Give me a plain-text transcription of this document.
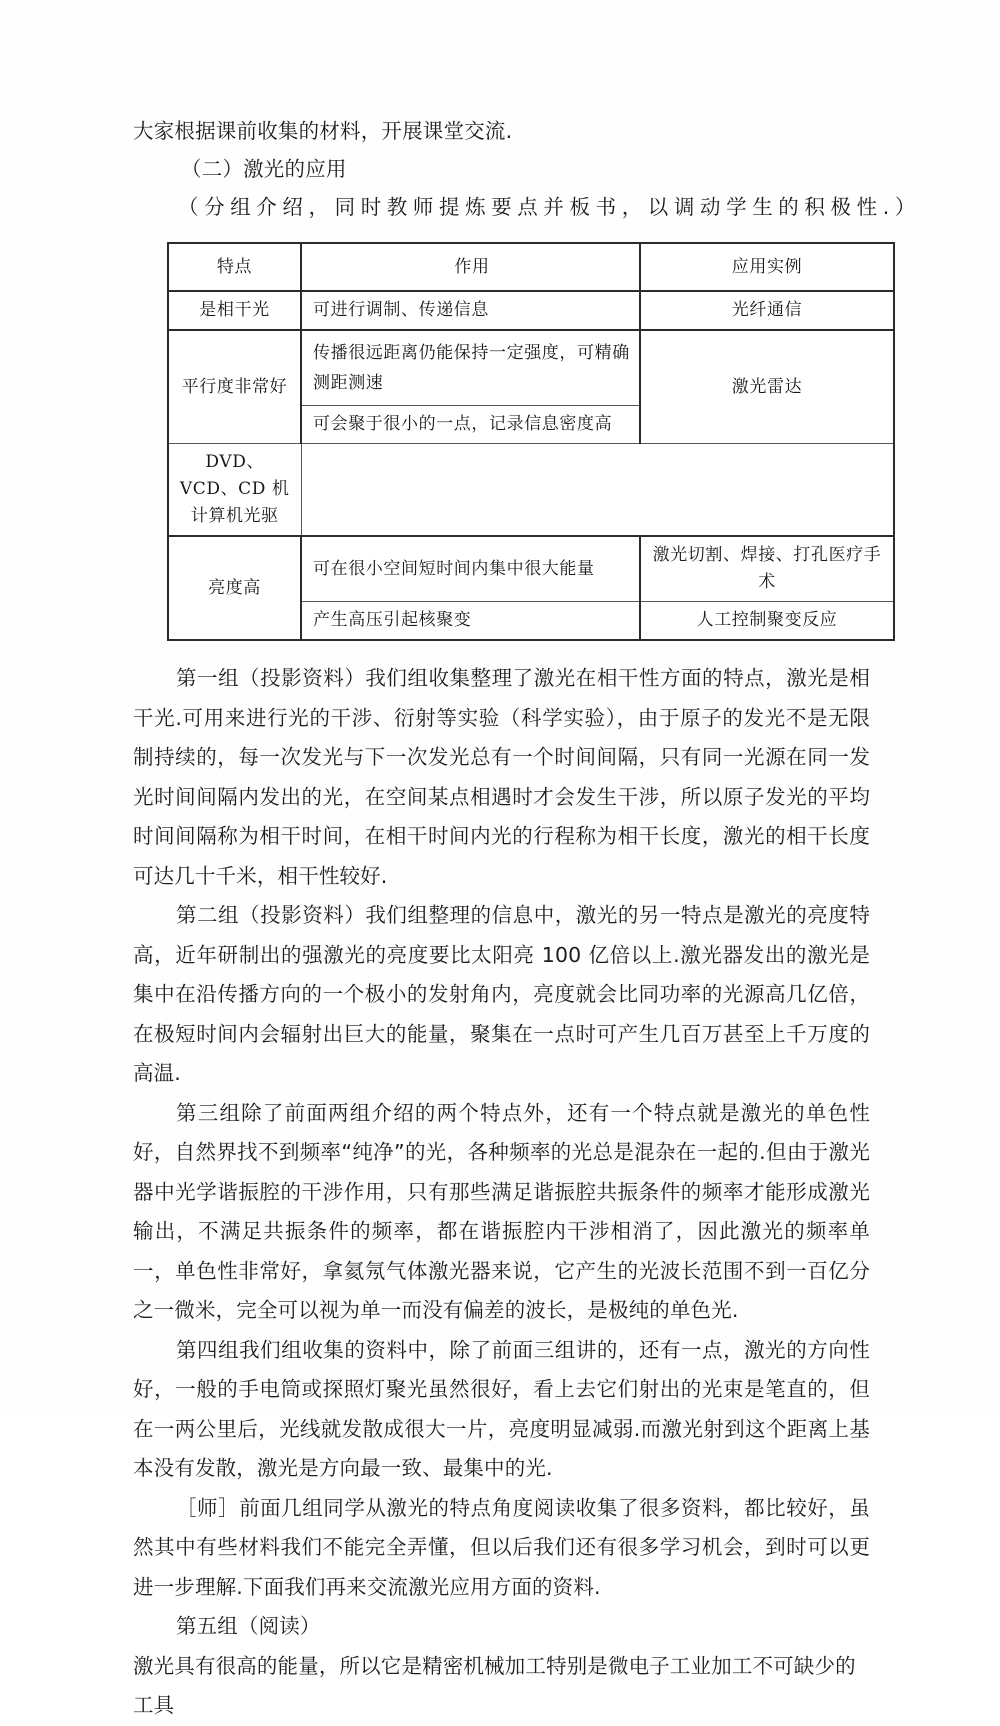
大家根据课前收集的材料，开展课堂交流.
（二）激光的应用
（分组介绍，同时教师提炼要点并板书，以调动学生的积极性.）
特点	作用	应用实例
是相干光	可进行调制、传递信息	光纤通信
平行度非常好	传播很远距离仍能保持一定强度，可精确测距测速	激光雷达
	可会聚于很小的一点，记录信息密度高	
DVD、VCD、CD 机计算机光驱		
亮度高	可在很小空间短时间内集中很大能量	激光切割、焊接、打孔医疗手术
	产生高压引起核聚变	人工控制聚变反应

第一组（投影资料）我们组收集整理了激光在相干性方面的特点，激光是相干光.可用来进行光的干涉、衍射等实验（科学实验），由于原子的发光不是无限制持续的，每一次发光与下一次发光总有一个时间间隔，只有同一光源在同一发光时间间隔内发出的光，在空间某点相遇时才会发生干涉，所以原子发光的平均时间间隔称为相干时间，在相干时间内光的行程称为相干长度，激光的相干长度可达几十千米，相干性较好.

第二组（投影资料）我们组整理的信息中，激光的另一特点是激光的亮度特高，近年研制出的强激光的亮度要比太阳亮 100 亿倍以上.激光器发出的激光是集中在沿传播方向的一个极小的发射角内，亮度就会比同功率的光源高几亿倍，在极短时间内会辐射出巨大的能量，聚集在一点时可产生几百万甚至上千万度的高温.

第三组除了前面两组介绍的两个特点外，还有一个特点就是激光的单色性好，自然界找不到频率“纯净”的光，各种频率的光总是混杂在一起的.但由于激光器中光学谐振腔的干涉作用，只有那些满足谐振腔共振条件的频率才能形成激光输出，不满足共振条件的频率，都在谐振腔内干涉相消了，因此激光的频率单一，单色性非常好，拿氦氖气体激光器来说，它产生的光波长范围不到一百亿分之一微米，完全可以视为单一而没有偏差的波长，是极纯的单色光.

第四组我们组收集的资料中，除了前面三组讲的，还有一点，激光的方向性好，一般的手电筒或探照灯聚光虽然很好，看上去它们射出的光束是笔直的，但在一两公里后，光线就发散成很大一片，亮度明显减弱.而激光射到这个距离上基本没有发散，激光是方向最一致、最集中的光.

［师］前面几组同学从激光的特点角度阅读收集了很多资料，都比较好，虽然其中有些材料我们不能完全弄懂，但以后我们还有很多学习机会，到时可以更进一步理解.下面我们再来交流激光应用方面的资料.

第五组（阅读）

激光具有很高的能量，所以它是精密机械加工特别是微电子工业加工不可缺少的工具
